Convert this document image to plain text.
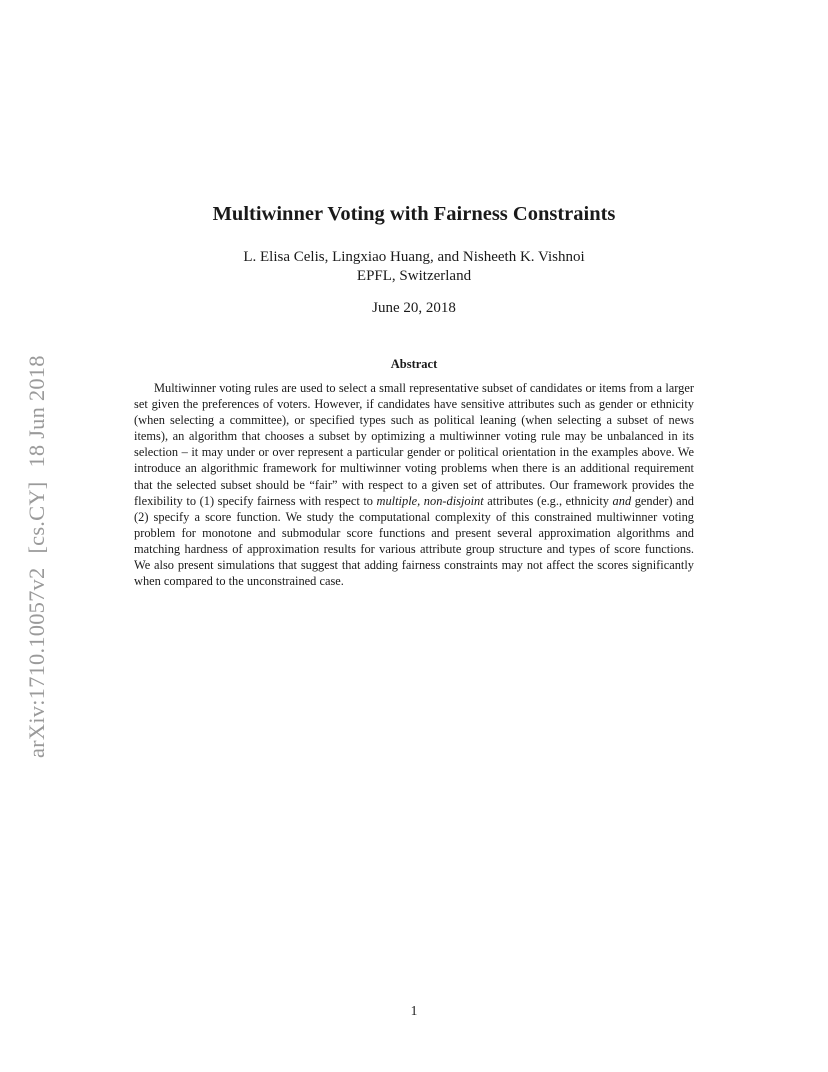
arXiv:1710.10057v2[cs.CY]18 Jun 2018
Multiwinner Voting with Fairness Constraints
L. Elisa Celis, Lingxiao Huang, and Nisheeth K. Vishnoi
EPFL, Switzerland
June 20, 2018
Abstract
Multiwinner voting rules are used to select a small representative subset of candidates or items from a larger set given the preferences of voters. However, if candidates have sensitive attributes such as gender or ethnicity (when selecting a committee), or specified types such as political leaning (when selecting a subset of news items), an algorithm that chooses a subset by optimizing a multiwinner voting rule may be unbalanced in its selection – it may under or over represent a particular gender or political orientation in the examples above. We introduce an algorithmic framework for multiwinner voting problems when there is an additional requirement that the selected subset should be “fair” with respect to a given set of attributes. Our framework provides the flexibility to (1) specify fairness with respect to multiple, non-disjoint attributes (e.g., ethnicity and gender) and (2) specify a score function. We study the computational complexity of this constrained multiwinner voting problem for monotone and submodular score functions and present several approximation algorithms and matching hardness of approximation results for various attribute group structure and types of score functions. We also present simulations that suggest that adding fairness constraints may not affect the scores significantly when compared to the unconstrained case.
1
